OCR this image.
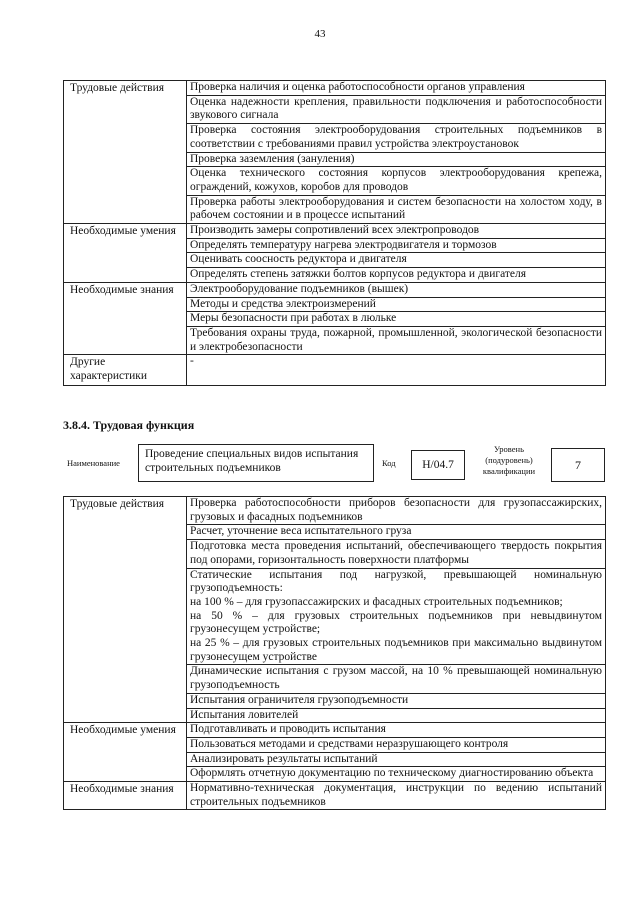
43
Трудовые действия	Проверка наличия и оценка работоспособности органов управления
	Оценка надежности крепления, правильности подключения и работоспособности звукового сигнала
	Проверка состояния электрооборудования строительных подъемников в соответствии с требованиями правил устройства электроустановок
	Проверка заземления (зануления)
	Оценка технического состояния корпусов электрооборудования крепежа, ограждений, кожухов, коробов для проводов
	Проверка работы электрооборудования и систем безопасности на холостом ходу, в рабочем состоянии и в процессе испытаний
Необходимые умения	Производить замеры сопротивлений всех электропроводов
	Определять температуру нагрева электродвигателя и тормозов
	Оценивать соосность редуктора и двигателя
	Определять степень затяжки болтов корпусов редуктора и двигателя
Необходимые знания	Электрооборудование подъемников (вышек)
	Методы и средства электроизмерений
	Меры безопасности при работах в люльке
	Требования охраны труда, пожарной, промышленной, экологической безопасности и электробезопасности
Другие характеристики	-
3.8.4. Трудовая функция
Наименование
Проведение специальных видов испытания строительных подъемников	Код	Н/04.7
Уровень (подуровень) квалификации	7
Трудовые действия	Проверка работоспособности приборов безопасности для грузопассажирских, грузовых и фасадных подъемников
	Расчет, уточнение веса испытательного груза
	Подготовка места проведения испытаний, обеспечивающего твердость покрытия под опорами, горизонтальность поверхности платформы
	Статические испытания под нагрузкой, превышающей номинальную грузоподъемность:
на 100 % – для грузопассажирских и фасадных строительных подъемников;
на 50 % – для грузовых строительных подъемников при невыдвинутом грузонесущем устройстве;
на 25 % – для грузовых строительных подъемников при максимально выдвинутом грузонесущем устройстве
	Динамические испытания с грузом массой, на 10 % превышающей номинальную грузоподъемность
	Испытания ограничителя грузоподъемности
	Испытания ловителей
Необходимые умения	Подготавливать и проводить испытания
	Пользоваться методами и средствами неразрушающего контроля
	Анализировать результаты испытаний
	Оформлять отчетную документацию по техническому диагностированию объекта
Необходимые знания	Нормативно-техническая документация, инструкции по ведению испытаний строительных подъемников
